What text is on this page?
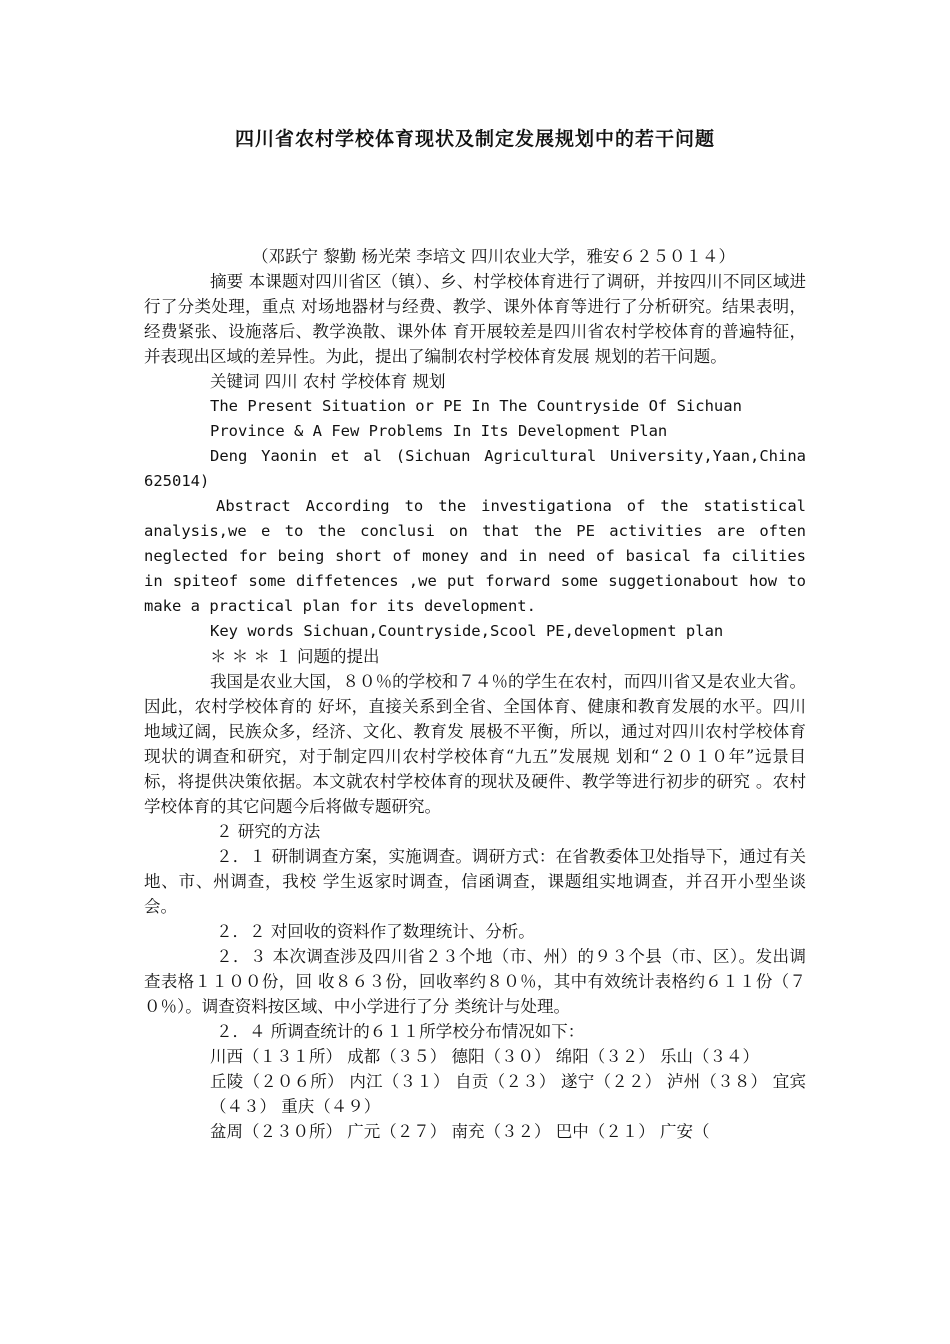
四川省农村学校体育现状及制定发展规划中的若干问题

（邓跃宁 黎勤 杨光荣 李培文 四川农业大学，雅安６２５０１４）

摘要 本课题对四川省区（镇）、乡、村学校体育进行了调研，并按四川不同区域进行了分类处理，重点 对场地器材与经费、教学、课外体育等进行了分析研究。结果表明，经费紧张、设施落后、教学涣散、课外体 育开展较差是四川省农村学校体育的普遍特征，并表现出区域的差异性。为此，提出了编制农村学校体育发展 规划的若干问题。

关键词 四川 农村 学校体育 规划

The Present Situation or PE In The Countryside Of Sichuan

Province & A Few Problems In Its Development Plan

Deng Yaonin et al (Sichuan Agricultural University,Yaan,China 625014)

Abstract According to the investigationa of the statistical analysis,we e to the conclusi on that the PE activities are often neglected for being short of money and in need of basical fa cilities in spiteof some diffetences ,we put forward some suggetionabout how to make a practical plan for its development.

Key words Sichuan,Countryside,Scool PE,development plan

＊ ＊ ＊ １ 问题的提出

我国是农业大国，８０％的学校和７４％的学生在农村，而四川省又是农业大省。因此，农村学校体育的 好坏，直接关系到全省、全国体育、健康和教育发展的水平。四川地域辽阔，民族众多，经济、文化、教育发 展极不平衡，所以，通过对四川农村学校体育现状的调查和研究，对于制定四川农村学校体育“九五”发展规 划和“２０１０年”远景目标，将提供决策依据。本文就农村学校体育的现状及硬件、教学等进行初步的研究 。农村学校体育的其它问题今后将做专题研究。

２ 研究的方法

２．１ 研制调查方案，实施调查。调研方式：在省教委体卫处指导下，通过有关地、市、州调查，我校 学生返家时调查，信函调查，课题组实地调查，并召开小型坐谈会。

２．２ 对回收的资料作了数理统计、分析。

２．３ 本次调查涉及四川省２３个地（市、州）的９３个县（市、区）。发出调查表格１１００份，回 收８６３份，回收率约８０％，其中有效统计表格约６１１份（７０％）。调查资料按区域、中小学进行了分 类统计与处理。

２．４ 所调查统计的６１１所学校分布情况如下：

川西（１３１所） 成都（３５） 德阳（３０） 绵阳（３２） 乐山（３４）

丘陵（２０６所） 内江（３１） 自贡（２３） 遂宁（２２） 泸州（３８） 宜宾（４３） 重庆（４９）

盆周（２３０所） 广元（２７） 南充（３２） 巴中（２１） 广安（
